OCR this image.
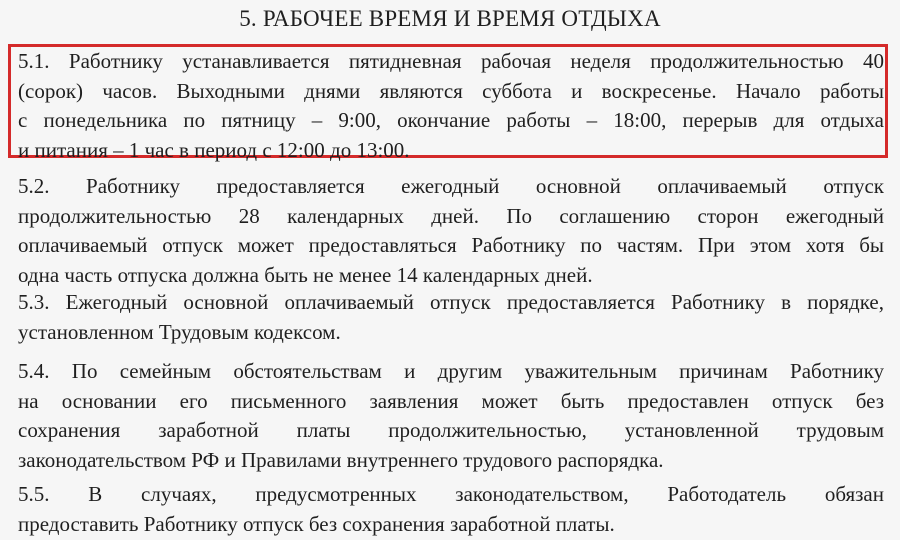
5. РАБОЧЕЕ ВРЕМЯ И ВРЕМЯ ОТДЫХА
5.1. Работнику устанавливается пятидневная рабочая неделя продолжительностью 40
(сорок) часов. Выходными днями являются суббота и воскресенье. Начало работы
с понедельника по пятницу – 9:00, окончание работы – 18:00, перерыв для отдыха
и питания – 1 час в период с 12:00 до 13:00.
5.2. Работнику предоставляется ежегодный основной оплачиваемый отпуск
продолжительностью 28 календарных дней. По соглашению сторон ежегодный
оплачиваемый отпуск может предоставляться Работнику по частям. При этом хотя бы
одна часть отпуска должна быть не менее 14 календарных дней.
5.3. Ежегодный основной оплачиваемый отпуск предоставляется Работнику в порядке,
установленном Трудовым кодексом.
5.4. По семейным обстоятельствам и другим уважительным причинам Работнику
на основании его письменного заявления может быть предоставлен отпуск без
сохранения заработной платы продолжительностью, установленной трудовым
законодательством РФ и Правилами внутреннего трудового распорядка.
5.5. В случаях, предусмотренных законодательством, Работодатель обязан
предоставить Работнику отпуск без сохранения заработной платы.
